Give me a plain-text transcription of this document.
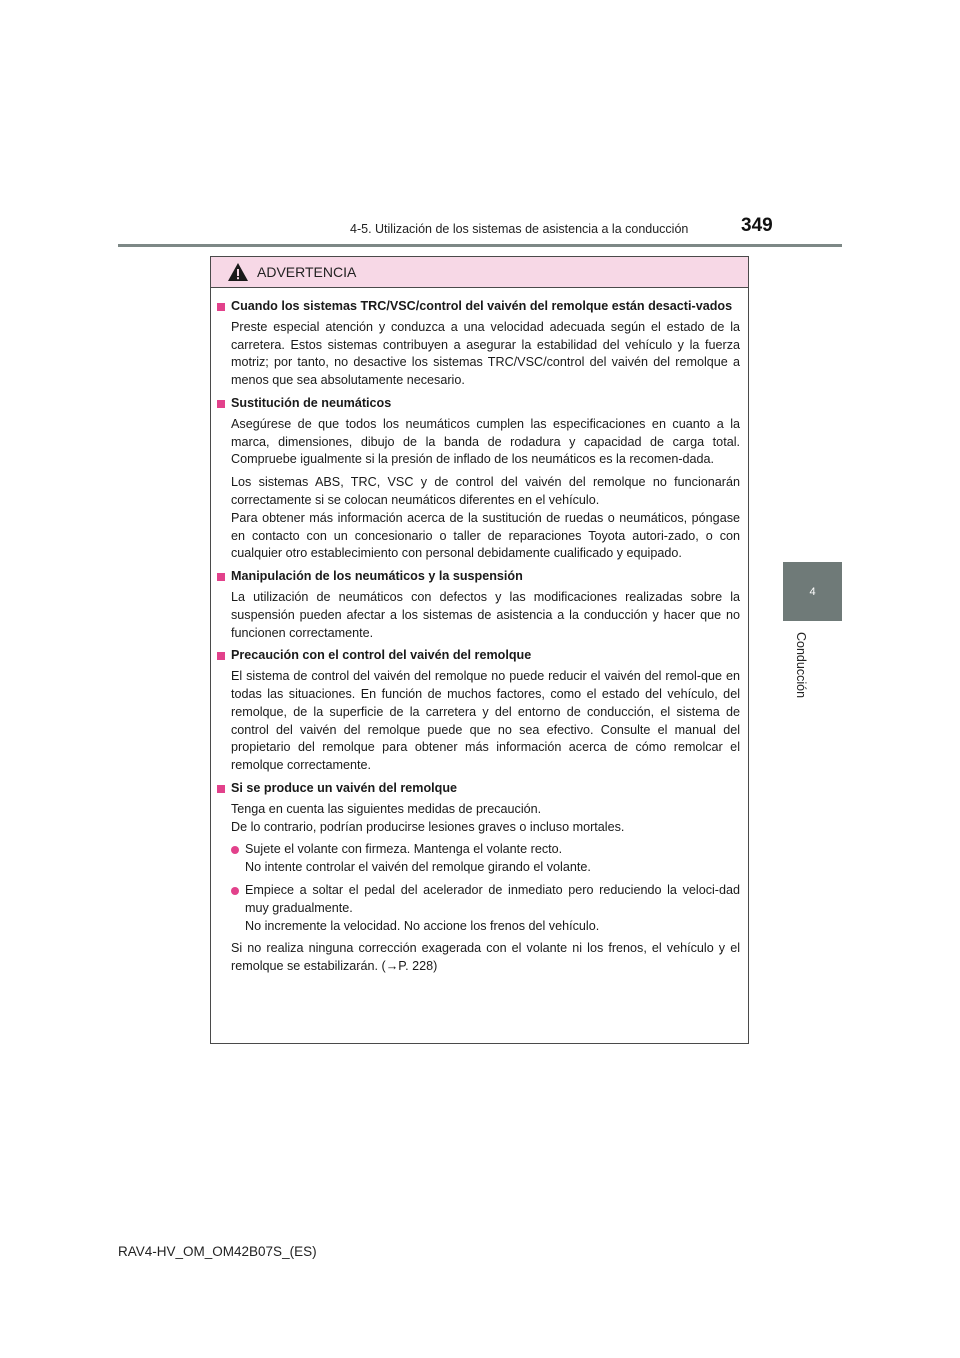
4-5. Utilización de los sistemas de asistencia a la conducción	349
4
Conducción
ADVERTENCIA
Cuando los sistemas TRC/VSC/control del vaivén del remolque están desacti-vados
Preste especial atención y conduzca a una velocidad adecuada según el estado de la carretera. Estos sistemas contribuyen a asegurar la estabilidad del vehículo y la fuerza motriz; por tanto, no desactive los sistemas TRC/VSC/control del vaivén del remolque a menos que sea absolutamente necesario.
Sustitución de neumáticos
Asegúrese de que todos los neumáticos cumplen las especificaciones en cuanto a la marca, dimensiones, dibujo de la banda de rodadura y capacidad de carga total. Compruebe igualmente si la presión de inflado de los neumáticos es la recomen-dada.
Los sistemas ABS, TRC, VSC y de control del vaivén del remolque no funcionarán correctamente si se colocan neumáticos diferentes en el vehículo.
Para obtener más información acerca de la sustitución de ruedas o neumáticos, póngase en contacto con un concesionario o taller de reparaciones Toyota autori-zado, o con cualquier otro establecimiento con personal debidamente cualificado y equipado.
Manipulación de los neumáticos y la suspensión
La utilización de neumáticos con defectos y las modificaciones realizadas sobre la suspensión pueden afectar a los sistemas de asistencia a la conducción y hacer que no funcionen correctamente.
Precaución con el control del vaivén del remolque
El sistema de control del vaivén del remolque no puede reducir el vaivén del remol-que en todas las situaciones. En función de muchos factores, como el estado del vehículo, del remolque, de la superficie de la carretera y del entorno de conducción, el sistema de control del vaivén del remolque puede que no sea efectivo. Consulte el manual del propietario del remolque para obtener más información acerca de cómo remolcar el remolque correctamente.
Si se produce un vaivén del remolque
Tenga en cuenta las siguientes medidas de precaución.
De lo contrario, podrían producirse lesiones graves o incluso mortales.
Sujete el volante con firmeza. Mantenga el volante recto.
No intente controlar el vaivén del remolque girando el volante.
Empiece a soltar el pedal del acelerador de inmediato pero reduciendo la veloci-dad muy gradualmente.
No incremente la velocidad. No accione los frenos del vehículo.
Si no realiza ninguna corrección exagerada con el volante ni los frenos, el vehículo y el remolque se estabilizarán. (→P. 228)
RAV4-HV_OM_OM42B07S_(ES)
